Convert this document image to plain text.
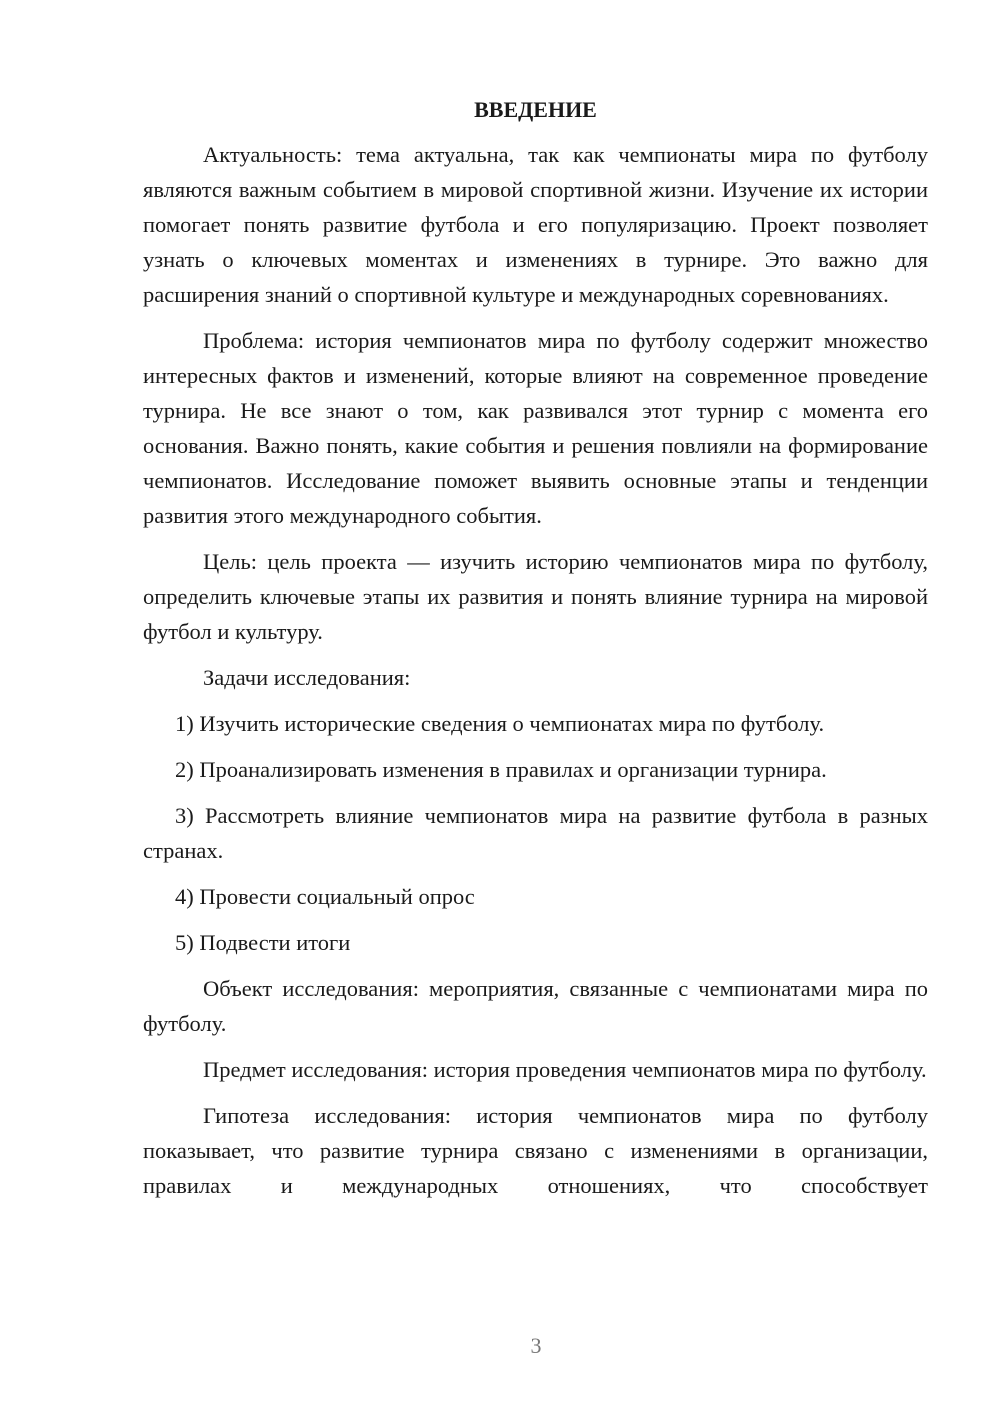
ВВЕДЕНИЕ

Актуальность: тема актуальна, так как чемпионаты мира по футболу являются важным событием в мировой спортивной жизни. Изучение их истории помогает понять развитие футбола и его популяризацию. Проект позволяет узнать о ключевых моментах и изменениях в турнире. Это важно для расширения знаний о спортивной культуре и международных соревнованиях.

Проблема: история чемпионатов мира по футболу содержит множество интересных фактов и изменений, которые влияют на современное проведение турнира. Не все знают о том, как развивался этот турнир с момента его основания. Важно понять, какие события и решения повлияли на формирование чемпионатов. Исследование поможет выявить основные этапы и тенденции развития этого международного события.

Цель: цель проекта — изучить историю чемпионатов мира по футболу, определить ключевые этапы их развития и понять влияние турнира на мировой футбол и культуру.

Задачи исследования:

1) Изучить исторические сведения о чемпионатах мира по футболу.

2) Проанализировать изменения в правилах и организации турнира.

3) Рассмотреть влияние чемпионатов мира на развитие футбола в разных странах.

4) Провести социальный опрос

5) Подвести итоги

Объект исследования: мероприятия, связанные с чемпионатами мира по футболу.

Предмет исследования: история проведения чемпионатов мира по футболу.

Гипотеза исследования: история чемпионатов мира по футболу показывает, что развитие турнира связано с изменениями в организации, правилах и международных отношениях, что способствует

3
